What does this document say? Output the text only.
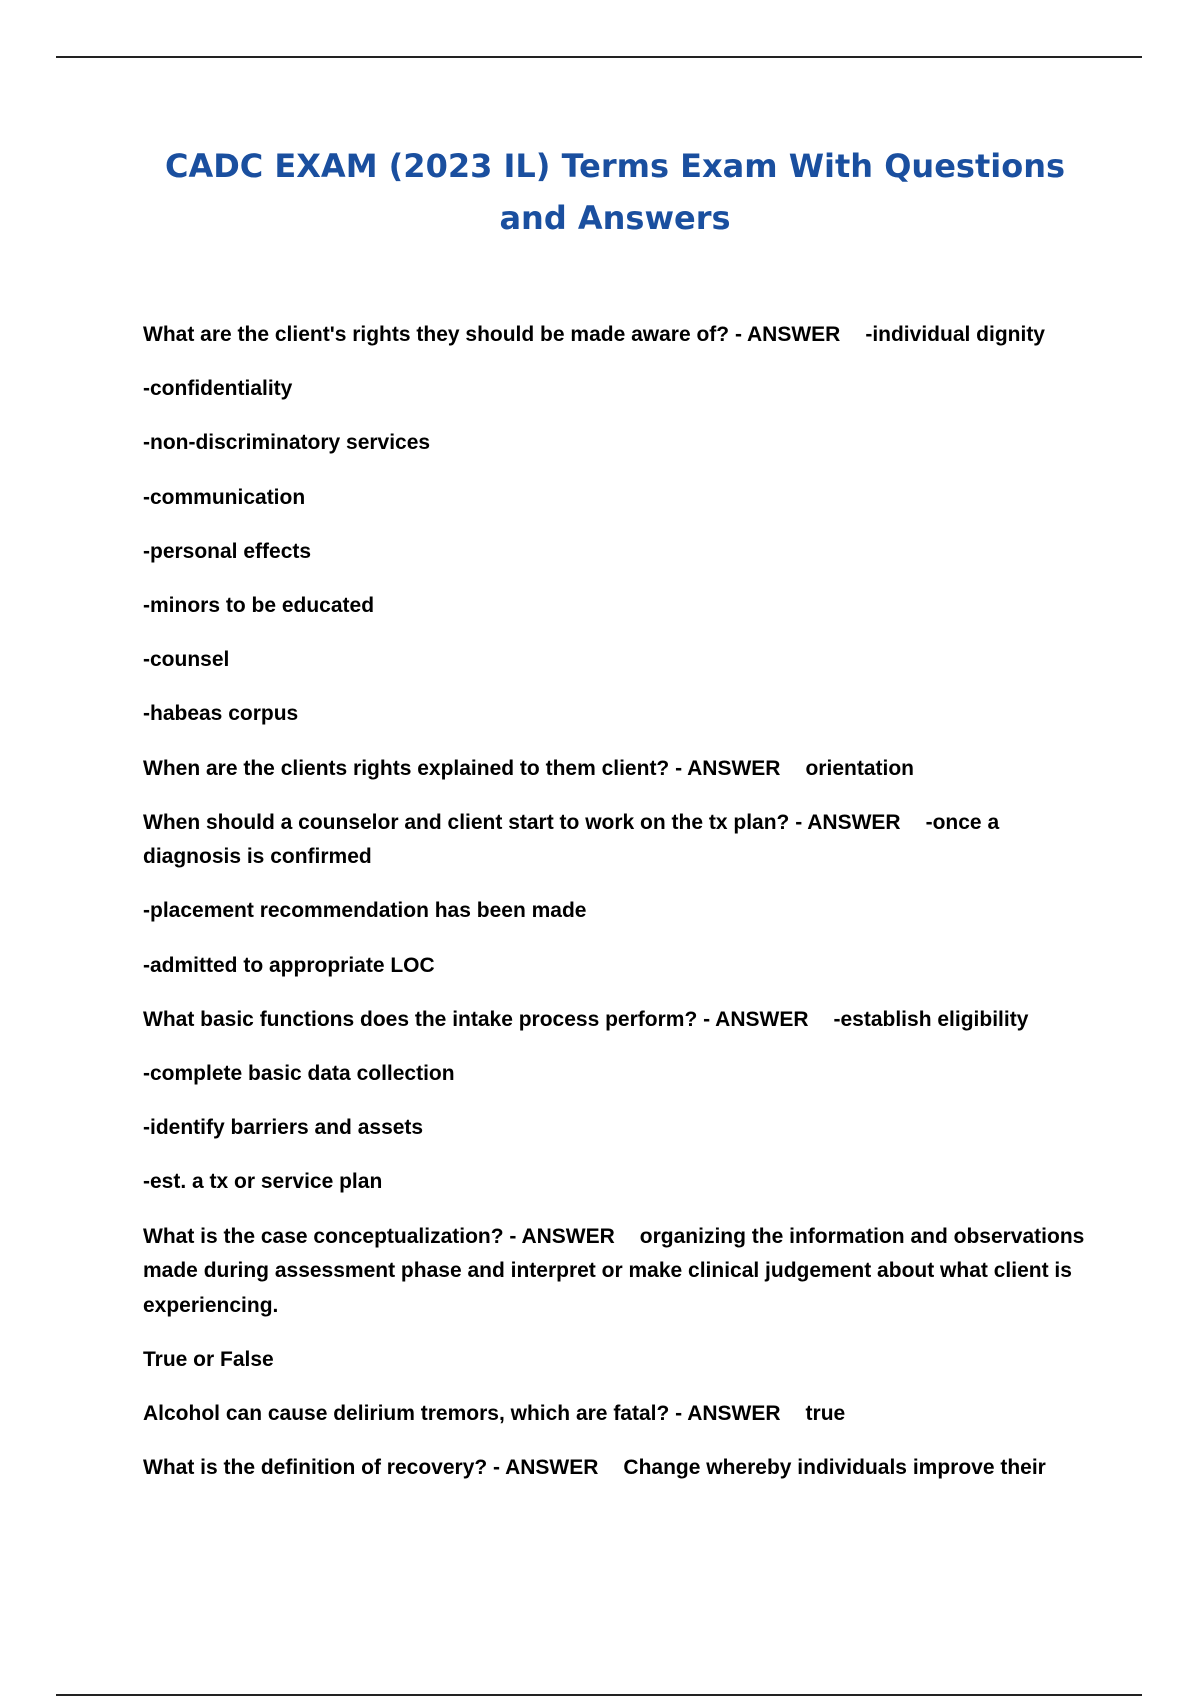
CADC EXAM (2023 IL) Terms Exam With Questions
and Answers

What are the client's rights they should be made aware of? - ANSWER -individual dignity

-confidentiality

-non-discriminatory services

-communication

-personal effects

-minors to be educated

-counsel

-habeas corpus

When are the clients rights explained to them client? - ANSWER orientation

When should a counselor and client start to work on the tx plan? - ANSWER -once a diagnosis is confirmed

-placement recommendation has been made

-admitted to appropriate LOC

What basic functions does the intake process perform? - ANSWER -establish eligibility

-complete basic data collection

-identify barriers and assets

-est. a tx or service plan

What is the case conceptualization? - ANSWER organizing the information and observations made during assessment phase and interpret or make clinical judgement about what client is experiencing.

True or False

Alcohol can cause delirium tremors, which are fatal? - ANSWER true

What is the definition of recovery? - ANSWER Change whereby individuals improve their
